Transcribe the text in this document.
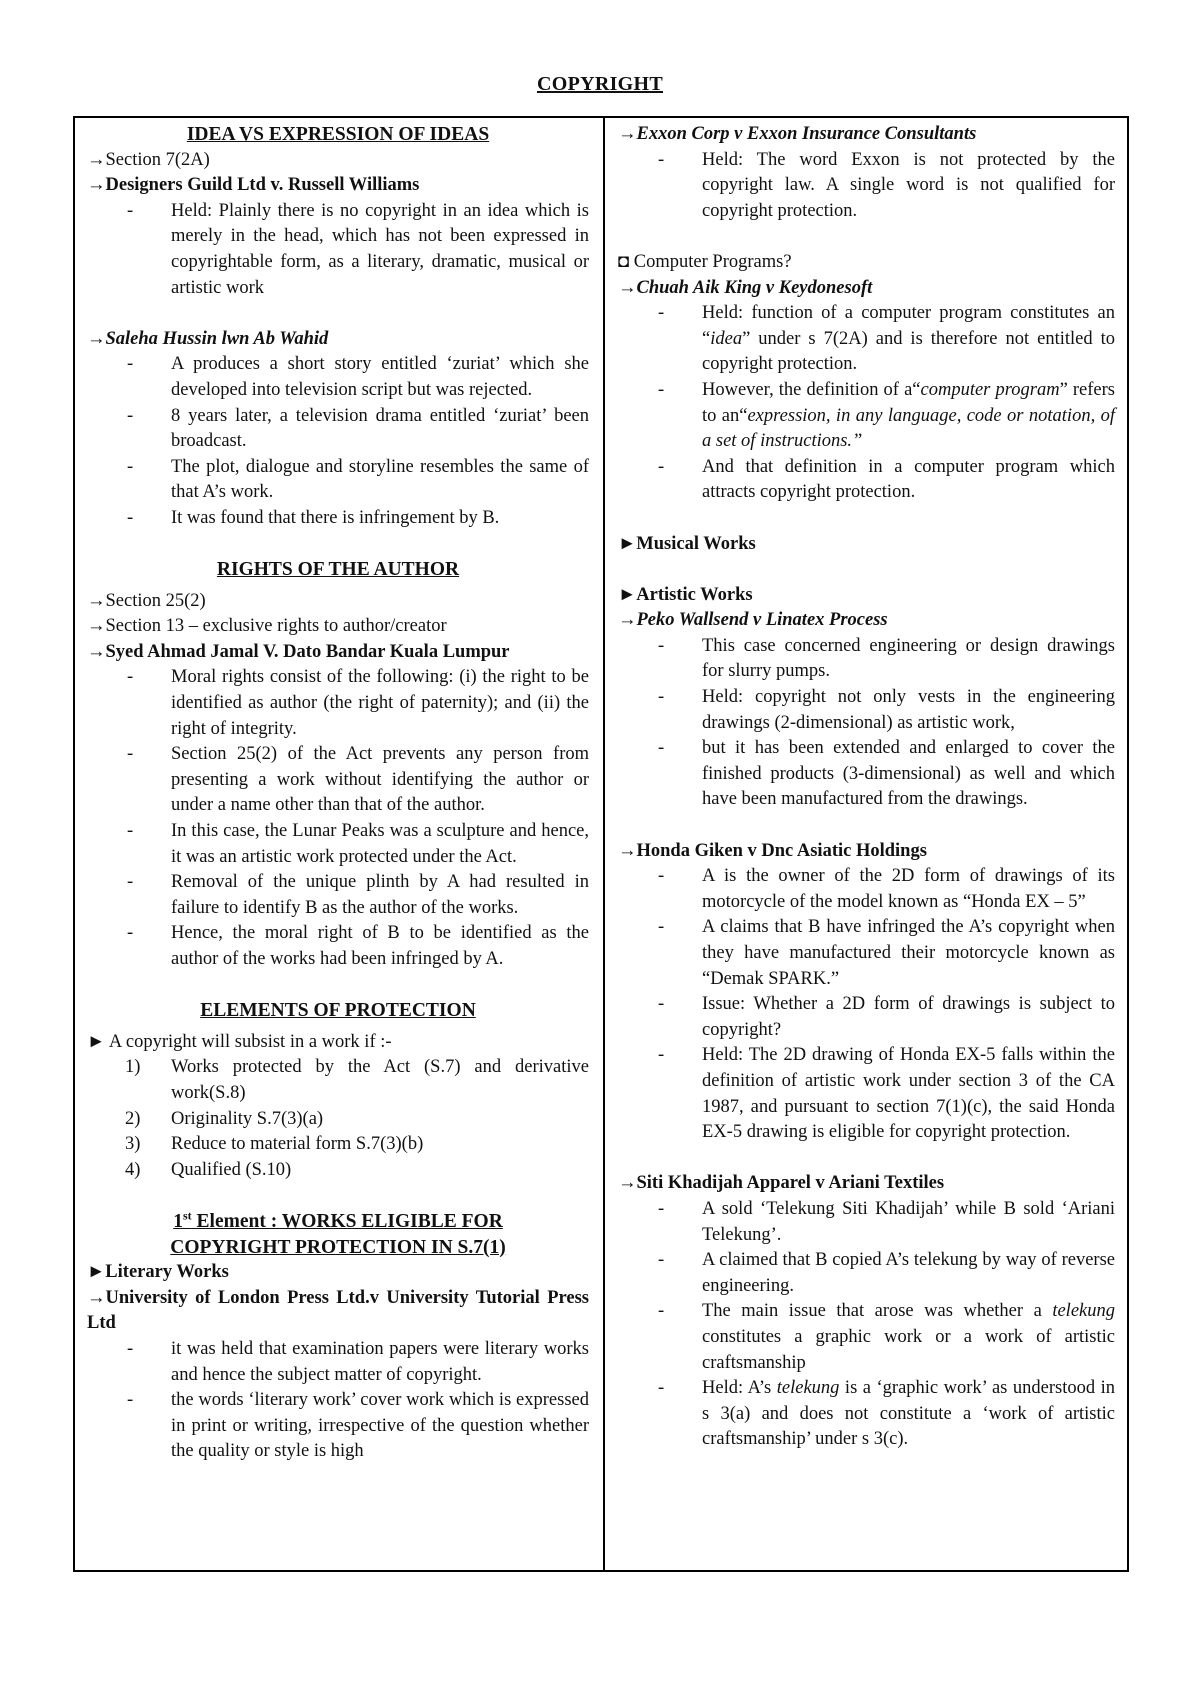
COPYRIGHT

IDEA VS EXPRESSION OF IDEAS

→Section 7(2A)

→Designers Guild Ltd v. Russell Williams

- Held: Plainly there is no copyright in an idea which is merely in the head, which has not been expressed in copyrightable form, as a literary, dramatic, musical or artistic work

→Saleha Hussin lwn Ab Wahid

- A produces a short story entitled ‘zuriat’ which she developed into television script but was rejected.
- 8 years later, a television drama entitled ‘zuriat’ been broadcast.
- The plot, dialogue and storyline resembles the same of that A’s work.
- It was found that there is infringement by B.

RIGHTS OF THE AUTHOR

→Section 25(2)

→Section 13 – exclusive rights to author/creator

→Syed Ahmad Jamal V. Dato Bandar Kuala Lumpur

- Moral rights consist of the following: (i) the right to be identified as author (the right of paternity); and (ii) the right of integrity.
- Section 25(2) of the Act prevents any person from presenting a work without identifying the author or under a name other than that of the author.
- In this case, the Lunar Peaks was a sculpture and hence, it was an artistic work protected under the Act.
- Removal of the unique plinth by A had resulted in failure to identify B as the author of the works.
- Hence, the moral right of B to be identified as the author of the works had been infringed by A.

ELEMENTS OF PROTECTION

► A copyright will subsist in a work if :-

1) Works protected by the Act (S.7) and derivative work(S.8)
2) Originality S.7(3)(a)
3) Reduce to material form S.7(3)(b)
4) Qualified (S.10)

1st Element : WORKS ELIGIBLE FOR

COPYRIGHT PROTECTION IN S.7(1)

►Literary Works

→University of London Press Ltd.v University Tutorial Press Ltd

- it was held that examination papers were literary works and hence the subject matter of copyright.
- the words ‘literary work’ cover work which is expressed in print or writing, irrespective of the question whether the quality or style is high

→Exxon Corp v Exxon Insurance Consultants

- Held: The word Exxon is not protected by the copyright law. A single word is not qualified for copyright protection.

◘ Computer Programs?

→Chuah Aik King v Keydonesoft

- Held: function of a computer program constitutes an “idea” under s 7(2A) and is therefore not entitled to copyright protection.
- However, the definition of a“computer program” refers to an“expression, in any language, code or notation, of a set of instructions.”
- And that definition in a computer program which attracts copyright protection.

►Musical Works

►Artistic Works

→Peko Wallsend v Linatex Process

- This case concerned engineering or design drawings for slurry pumps.
- Held: copyright not only vests in the engineering drawings (2-dimensional) as artistic work,
- but it has been extended and enlarged to cover the finished products (3-dimensional) as well and which have been manufactured from the drawings.

→Honda Giken v Dnc Asiatic Holdings

- A is the owner of the 2D form of drawings of its motorcycle of the model known as “Honda EX – 5”
- A claims that B have infringed the A’s copyright when they have manufactured their motorcycle known as “Demak SPARK.”
- Issue: Whether a 2D form of drawings is subject to copyright?
- Held: The 2D drawing of Honda EX-5 falls within the definition of artistic work under section 3 of the CA 1987, and pursuant to section 7(1)(c), the said Honda EX-5 drawing is eligible for copyright protection.

→Siti Khadijah Apparel v Ariani Textiles

- A sold ‘Telekung Siti Khadijah’ while B sold ‘Ariani Telekung’.
- A claimed that B copied A’s telekung by way of reverse engineering.
- The main issue that arose was whether a telekung constitutes a graphic work or a work of artistic craftsmanship
- Held: A’s telekung is a ‘graphic work’ as understood in s 3(a) and does not constitute a ‘work of artistic craftsmanship’ under s 3(c).
